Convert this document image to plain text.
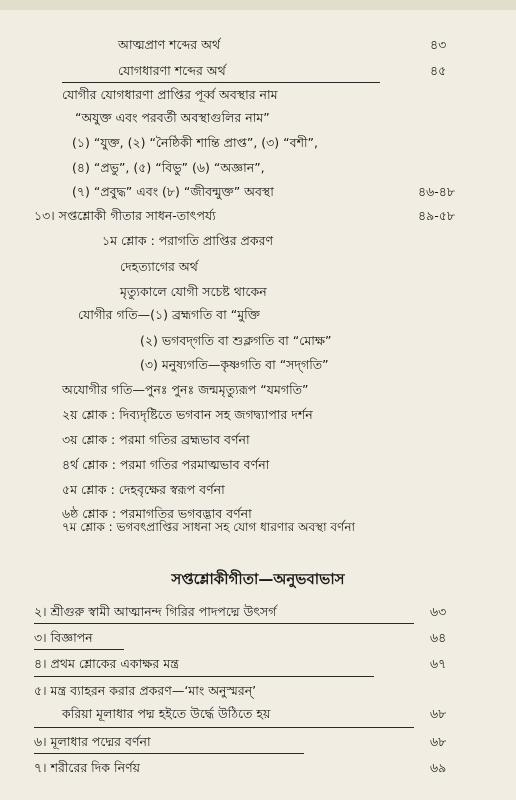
আত্মপ্রাণ শব্দের অর্থ	৪৩
যোগধারণা শব্দের অর্থ	৪৫
যোগীর যোগধারণা প্রাপ্তির পূর্ব্ব অবস্থার নাম
“অযুক্ত এবং পরবর্তী অবস্থাগুলির নাম”
(১) “যুক্ত, (২) “নৈষ্ঠিকী শান্তি প্রাপ্ত”, (৩) “বশী”,
(৪) “প্রভু”, (৫) “বিভু” (৬) “অজ্ঞান”,
(৭) “প্রবুদ্ধ” এবং (৮) “জীবন্মুক্ত” অবস্থা	৪৬-৪৮
১৩। সপ্তশ্লোকী গীতার সাধন-তাৎপর্য্য	৪৯-৫৮
১ম শ্লোক : পরাগতি প্রাপ্তির প্রকরণ
দেহত্যাগের অর্থ
মৃত্যুকালে যোগী সচেষ্ট থাকেন
যোগীর গতি—(১) ব্রহ্মগতি বা “মুক্তি
(২) ভগবদ্‌গতি বা শুক্লগতি বা “মোক্ষ”
(৩) মনুষ্যগতি—কৃষ্ণগতি বা “সদ্‌গতি”
অযোগীর গতি—পুনঃ পুনঃ জন্মমৃত্যুরূপ “যমগতি”
২য় শ্লোক : দিব্যদৃষ্টিতে ভগবান সহ জগদ্ব্যাপার দর্শন
৩য় শ্লোক : পরমা গতির ব্রহ্মভাব বর্ণনা
৪র্থ শ্লোক : পরমা গতির পরমাত্মভাব বর্ণনা
৫ম শ্লোক : দেহবৃক্ষের স্বরূপ বর্ণনা
৬ষ্ঠ শ্লোক : পরমাগতির ভগবদ্ভাব বর্ণনা
৭ম শ্লোক : ভগবৎপ্রাপ্তির সাধনা সহ যোগ ধারণার অবস্থা বর্ণনা
সপ্তশ্লোকীগীতা—অনুভবাভাস
২। শ্রীগুরু স্বামী আত্মানন্দ গিরির পাদপদ্মে উৎসর্গ	৬৩
৩। বিজ্ঞাপন	৬৪
৪। প্রথম শ্লোকের একাক্ষর মন্ত্র	৬৭
৫। মন্ত্র ব্যাহরন করার প্রকরণ—‘মাং অনুস্মরন্’
করিয়া মূলাধার পদ্ম হইতে উর্দ্ধে উঠিতে হয়	৬৮
৬। মূলাধার পদ্মের বর্ণনা	৬৮
৭। শরীরের দিক নির্ণয়	৬৯
